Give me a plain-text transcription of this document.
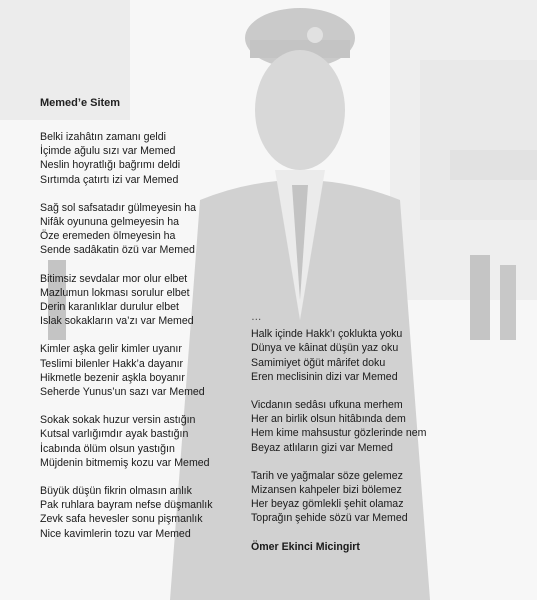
Memed’e Sitem
Belki izahâtın zamanı geldi
İçimde ağulu sızı var Memed
Neslin hoyratlığı bağrımı deldi
Sırtımda çatırtı izi var Memed
Sağ sol safsatadır gülmeyesin ha
Nifâk oyununa gelmeyesin ha
Öze eremeden ölmeyesin ha
Sende sadâkatin özü var Memed
Bitimsiz sevdalar mor olur elbet
Mazlumun lokması sorulur elbet
Derin karanlıklar durulur elbet
Islak sokakların va’zı var Memed
Kimler aşka gelir kimler uyanır
Teslimi bilenler Hakk’a dayanır
Hikmetle bezenir aşkla boyanır
Seherde Yunus’un sazı var Memed
Sokak sokak huzur versin astığın
Kutsal varlığımdır ayak bastığın
İcabında ölüm olsun yastığın
Müjdenin bitmemiş kozu var Memed
Büyük düşün fikrin olmasın anlık
Pak ruhlara bayram nefse düşmanlık
Zevk safa hevesler sonu pişmanlık
Nice kavimlerin tozu var Memed
…
Halk içinde Hakk’ı çoklukta yoku
Dünya ve kâinat düşün yaz oku
Samimiyet öğüt mârifet doku
Eren meclisinin dizi var Memed
Vicdanın sedâsı ufkuna merhem
Her an birlik olsun hitâbında dem
Hem kime mahsustur gözlerinde nem
Beyaz atlıların gizi var Memed
Tarih ve yağmalar söze gelemez
Mizansen kahpeler bizi bölemez
Her beyaz gömlekli şehit olamaz
Toprağın şehide sözü var Memed
Ömer Ekinci Micingirt
